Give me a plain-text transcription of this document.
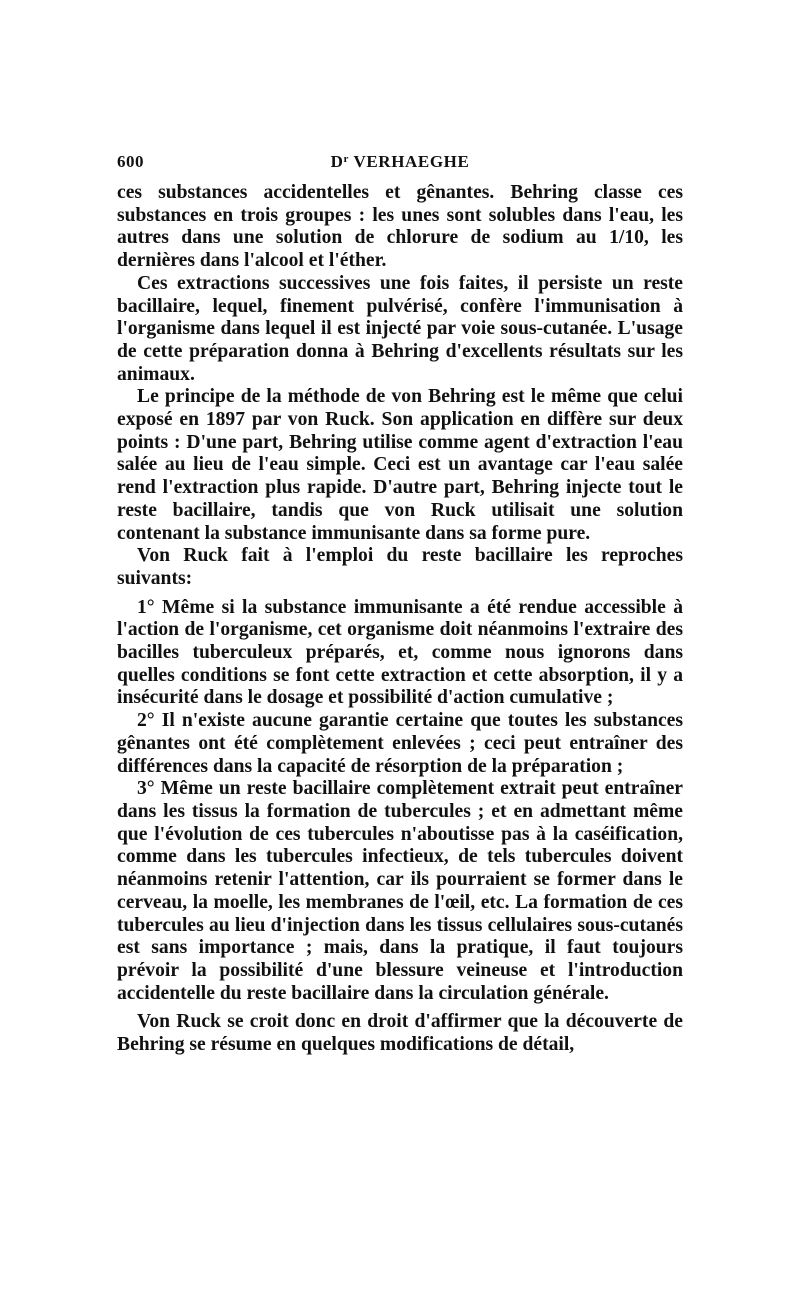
600	$D^r$ VERHAEGHE

ces substances accidentelles et gênantes. Behring classe ces substances en trois groupes : les unes sont solubles dans l'eau, les autres dans une solution de chlorure de sodium au 1/10, les dernières dans l'alcool et l'éther.

Ces extractions successives une fois faites, il persiste un reste bacillaire, lequel, finement pulvérisé, confère l'immunisation à l'organisme dans lequel il est injecté par voie sous-cutanée. L'usage de cette préparation donna à Behring d'excellents résultats sur les animaux.

Le principe de la méthode de von Behring est le même que celui exposé en 1897 par von Ruck. Son application en diffère sur deux points : D'une part, Behring utilise comme agent d'extraction l'eau salée au lieu de l'eau simple. Ceci est un avantage car l'eau salée rend l'extraction plus rapide. D'autre part, Behring injecte tout le reste bacillaire, tandis que von Ruck utilisait une solution contenant la substance immunisante dans sa forme pure.

Von Ruck fait à l'emploi du reste bacillaire les reproches suivants:

1° Même si la substance immunisante a été rendue accessible à l'action de l'organisme, cet organisme doit néanmoins l'extraire des bacilles tuberculeux préparés, et, comme nous ignorons dans quelles conditions se font cette extraction et cette absorption, il y a insécurité dans le dosage et possibilité d'action cumulative ;

2° Il n'existe aucune garantie certaine que toutes les substances gênantes ont été complètement enlevées ; ceci peut entraîner des différences dans la capacité de résorption de la préparation ;

3° Même un reste bacillaire complètement extrait peut entraîner dans les tissus la formation de tubercules ; et en admettant même que l'évolution de ces tubercules n'aboutisse pas à la caséification, comme dans les tubercules infectieux, de tels tubercules doivent néanmoins retenir l'attention, car ils pourraient se former dans le cerveau, la moelle, les membranes de l'œil, etc. La formation de ces tubercules au lieu d'injection dans les tissus cellulaires sous-cutanés est sans importance ; mais, dans la pratique, il faut toujours prévoir la possibilité d'une blessure veineuse et l'introduction accidentelle du reste bacillaire dans la circulation générale.

Von Ruck se croit donc en droit d'affirmer que la découverte de Behring se résume en quelques modifications de détail,
